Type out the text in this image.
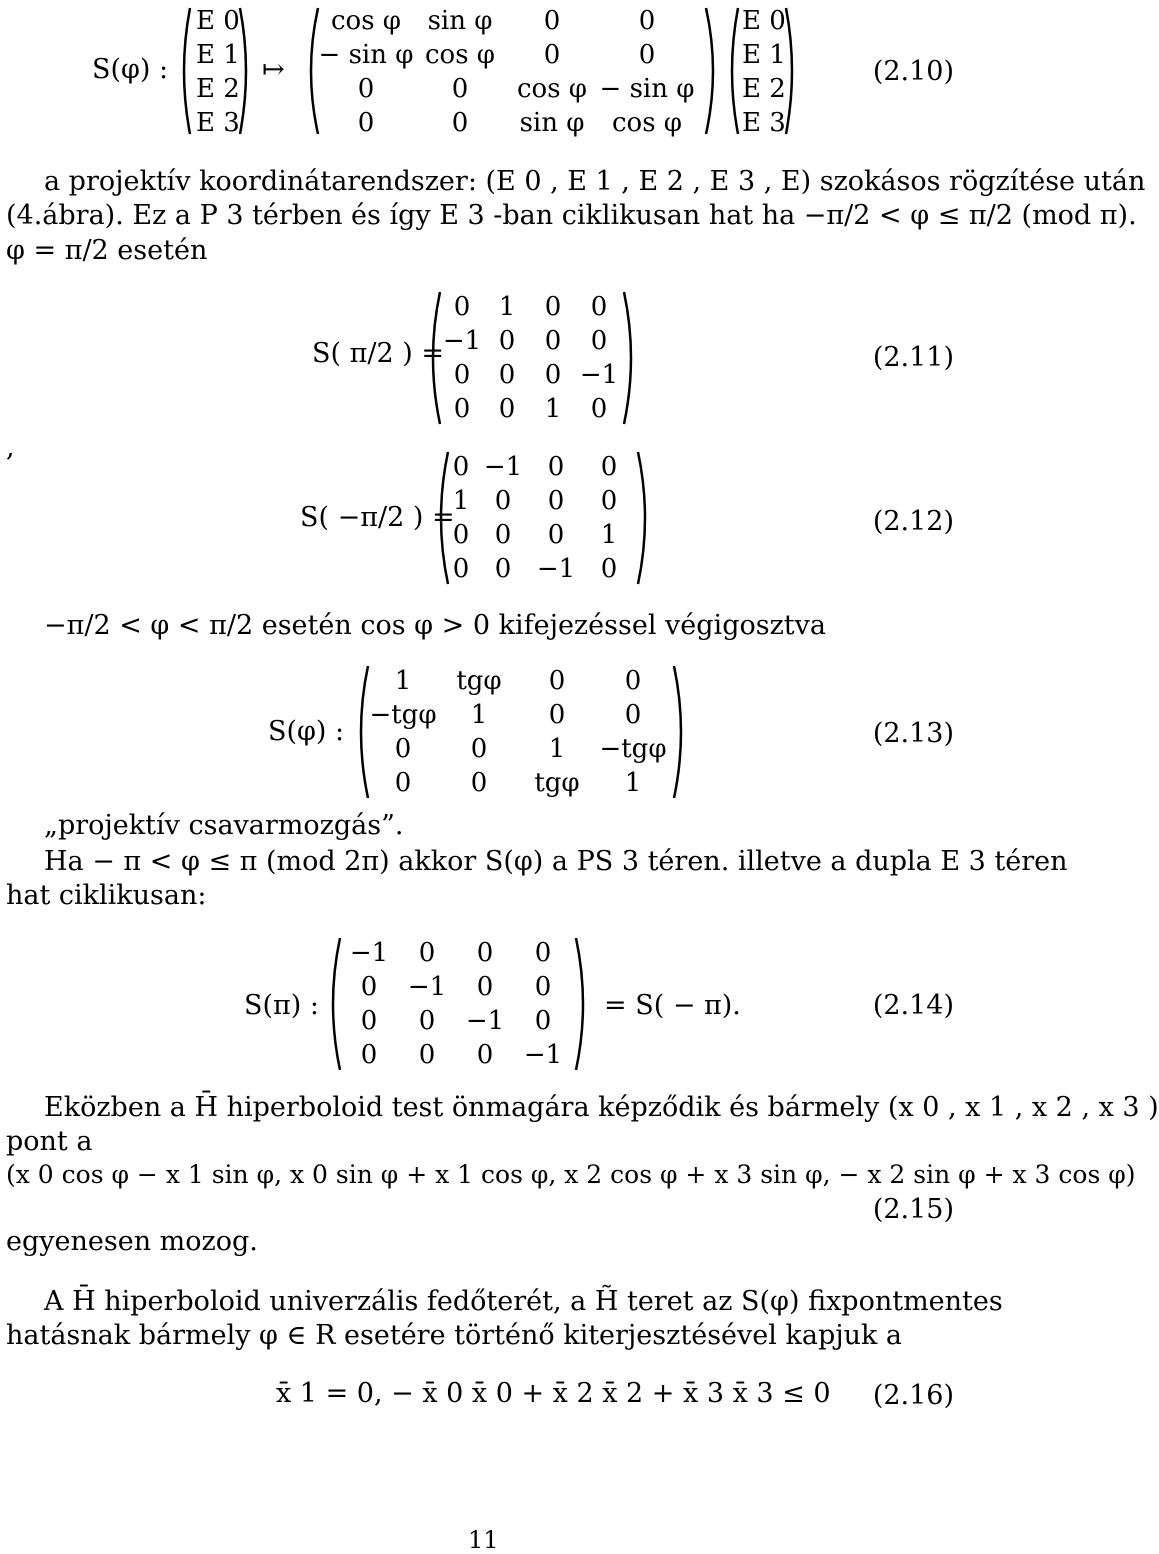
S(φ) :
E 0
E 1
E 2
E 3
↦
cos φ	sin φ	0	0
− sin φ	cos φ	0	0
0	0	cos φ	− sin φ
0	0	sin φ	cos φ
E 0
E 1
E 2
E 3
(2.10)
a projektív koordinátarendszer: (E 0 , E 1 , E 2 , E 3 , E) szokásos rögzítése után
(4.ábra). Ez a P 3 térben és így E 3 -ban ciklikusan hat ha −π/2 < φ ≤ π/2 (mod π).
φ = π/2 esetén
S( π/2 ) =
0	1	0	0
−1	0	0	0
0	0	0	−1
0	0	1	0
(2.11)
,
S( −π/2 ) =
0	−1	0	0
1	0	0	0
0	0	0	1
0	0	−1	0
(2.12)
−π/2 < φ < π/2 esetén cos φ > 0 kifejezéssel végigosztva
S(φ) :
1	tgφ	0	0
−tgφ	1	0	0
0	0	1	−tgφ
0	0	tgφ	1
(2.13)
„projektív csavarmozgás”.
Ha − π < φ ≤ π (mod 2π) akkor S(φ) a PS 3 téren. illetve a dupla E 3 téren
hat ciklikusan:
S(π) :
−1	0	0	0
0	−1	0	0
0	0	−1	0
0	0	0	−1
= S( − π).	(2.14)
Eközben a H̄ hiperboloid test önmagára képződik és bármely (x 0 , x 1 , x 2 , x 3 )
pont a
(x 0 cos φ − x 1 sin φ, x 0 sin φ + x 1 cos φ, x 2 cos φ + x 3 sin φ, − x 2 sin φ + x 3 cos φ)
(2.15)
egyenesen mozog.
A H̄ hiperboloid univerzális fedőterét, a H̃ teret az S(φ) fixpontmentes
hatásnak bármely φ ∈ R esetére történő kiterjesztésével kapjuk a
x̄ 1 = 0, − x̄ 0 x̄ 0 + x̄ 2 x̄ 2 + x̄ 3 x̄ 3 ≤ 0 (2.16)
11
